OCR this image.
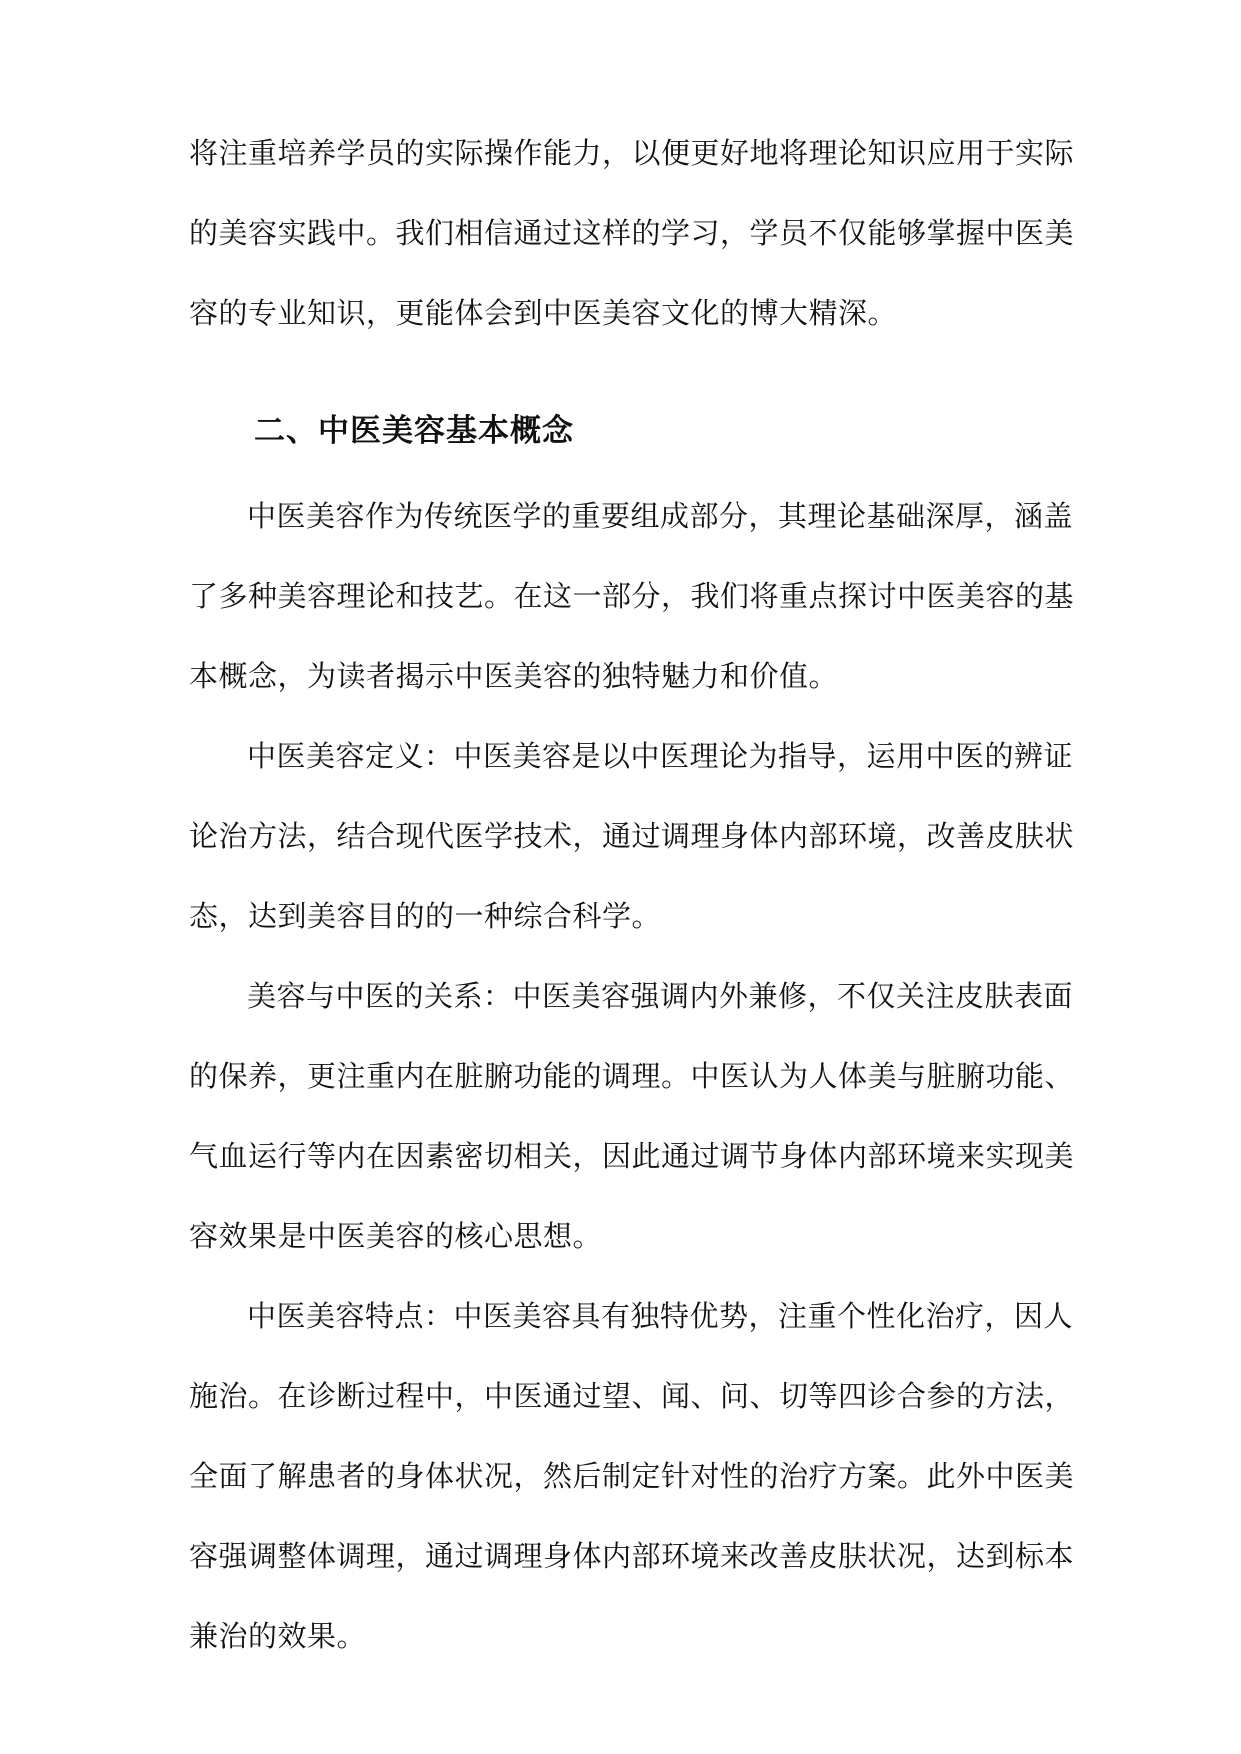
将注重培养学员的实际操作能力，以便更好地将理论知识应用于实际
的美容实践中。我们相信通过这样的学习，学员不仅能够掌握中医美
容的专业知识，更能体会到中医美容文化的博大精深。
二、中医美容基本概念
中医美容作为传统医学的重要组成部分，其理论基础深厚，涵盖
了多种美容理论和技艺。在这一部分，我们将重点探讨中医美容的基
本概念，为读者揭示中医美容的独特魅力和价值。
中医美容定义：中医美容是以中医理论为指导，运用中医的辨证
论治方法，结合现代医学技术，通过调理身体内部环境，改善皮肤状
态，达到美容目的的一种综合科学。
美容与中医的关系：中医美容强调内外兼修，不仅关注皮肤表面
的保养，更注重内在脏腑功能的调理。中医认为人体美与脏腑功能、
气血运行等内在因素密切相关，因此通过调节身体内部环境来实现美
容效果是中医美容的核心思想。
中医美容特点：中医美容具有独特优势，注重个性化治疗，因人
施治。在诊断过程中，中医通过望、闻、问、切等四诊合参的方法，
全面了解患者的身体状况，然后制定针对性的治疗方案。此外中医美
容强调整体调理，通过调理身体内部环境来改善皮肤状况，达到标本
兼治的效果。
